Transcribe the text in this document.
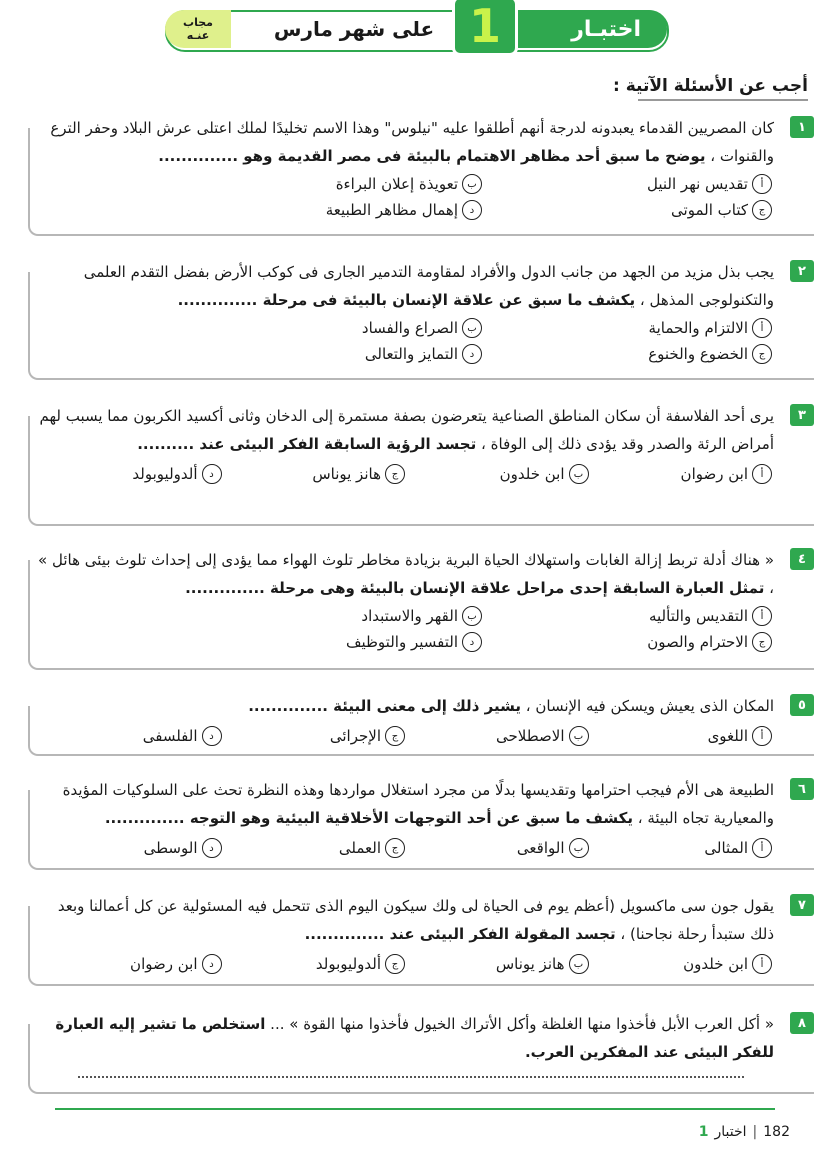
اختبـار
1
على شهر مارس
مجاب
عنـه
أجب عن الأسئلة الآتية :
١
كان المصريين القدماء يعبدونه لدرجة أنهم أطلقوا عليه "نيلوس" وهذا الاسم تخليدًا لملك اعتلى عرش البلاد وحفر الترع والقنوات ، يوضح ما سبق أحد مظاهر الاهتمام بالبيئة فى مصر القديمة وهو ..............
أ
تقديس نهر النيل
ب
تعويذة إعلان البراءة
ج
كتاب الموتى
د
إهمال مظاهر الطبيعة
٢
يجب بذل مزيد من الجهد من جانب الدول والأفراد لمقاومة التدمير الجارى فى كوكب الأرض بفضل التقدم العلمى والتكنولوجى المذهل ، يكشف ما سبق عن علاقة الإنسان بالبيئة فى مرحلة ..............
أ
الالتزام والحماية
ب
الصراع والفساد
ج
الخضوع والخنوع
د
التمايز والتعالى
٣
يرى أحد الفلاسفة أن سكان المناطق الصناعية يتعرضون بصفة مستمرة إلى الدخان وثانى أكسيد الكربون مما يسبب لهم أمراض الرئة والصدر وقد يؤدى ذلك إلى الوفاة ، تجسد الرؤية السابقة الفكر البيئى عند ..........
أ
ابن رضوان
ب
ابن خلدون
ج
هانز يوناس
د
ألدوليوبولد
٤
« هناك أدلة تربط إزالة الغابات واستهلاك الحياة البرية بزيادة مخاطر تلوث الهواء مما يؤدى إلى إحداث تلوث بيئى هائل » ، تمثل العبارة السابقة إحدى مراحل علاقة الإنسان بالبيئة وهى مرحلة ..............
أ
التقديس والتأليه
ب
القهر والاستبداد
ج
الاحترام والصون
د
التفسير والتوظيف
٥
المكان الذى يعيش ويسكن فيه الإنسان ، يشير ذلك إلى معنى البيئة ..............
أ
اللغوى
ب
الاصطلاحى
ج
الإجرائى
د
الفلسفى
٦
الطبيعة هى الأم فيجب احترامها وتقديسها بدلًا من مجرد استغلال مواردها وهذه النظرة تحث على السلوكيات المؤيدة والمعيارية تجاه البيئة ، يكشف ما سبق عن أحد التوجهات الأخلاقية البيئية وهو التوجه ..............
أ
المثالى
ب
الواقعى
ج
العملى
د
الوسطى
٧
يقول جون سى ماكسويل (أعظم يوم فى الحياة لى ولك سيكون اليوم الذى تتحمل فيه المسئولية عن كل أعمالنا وبعد ذلك ستبدأ رحلة نجاحنا) ، تجسد المقولة الفكر البيئى عند ..............
أ
ابن خلدون
ب
هانز يوناس
ج
ألدوليوبولد
د
ابن رضوان
٨
« أكل العرب الأبل فأخذوا منها الغلظة وأكل الأتراك الخيول فأخذوا منها القوة » ... استخلص ما تشير إليه العبارة للفكر البيئى عند المفكرين العرب.
182
|
اختبار
1
